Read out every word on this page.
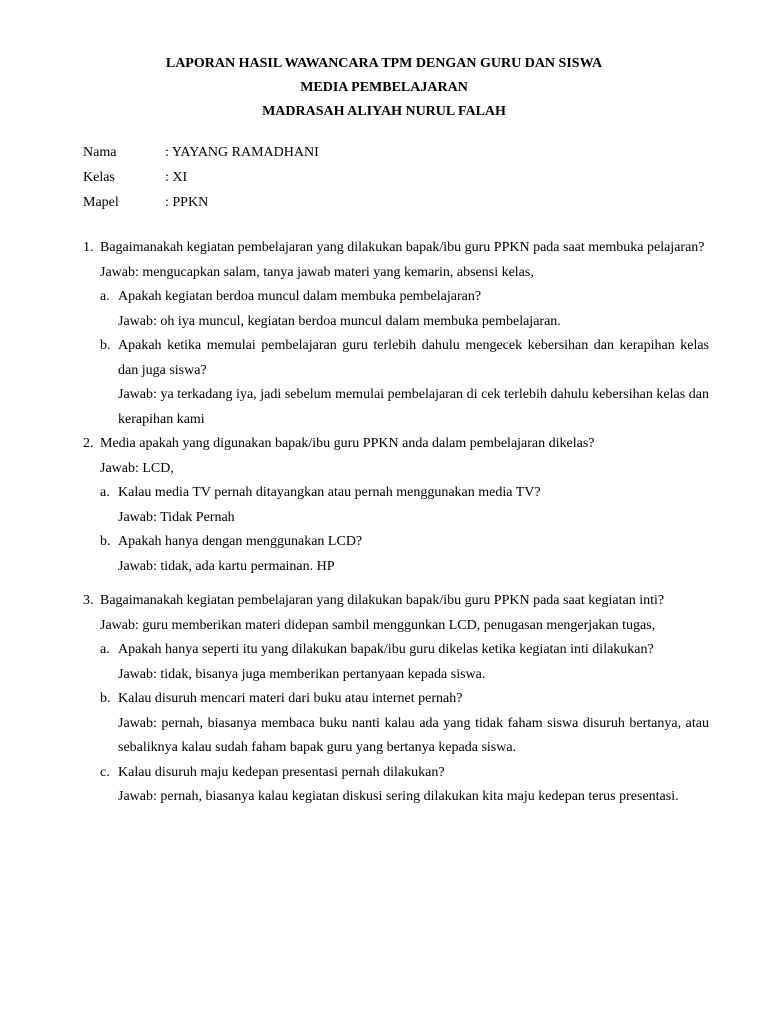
LAPORAN HASIL WAWANCARA TPM DENGAN GURU DAN SISWA
MEDIA PEMBELAJARAN
MADRASAH ALIYAH NURUL FALAH
Nama	: YAYANG RAMADHANI
Kelas	: XI
Mapel	: PPKN
1. Bagaimanakah kegiatan pembelajaran yang dilakukan bapak/ibu guru PPKN pada saat membuka pelajaran?
Jawab: mengucapkan salam, tanya jawab materi yang kemarin, absensi kelas,
a. Apakah kegiatan berdoa muncul dalam membuka pembelajaran?
Jawab: oh iya muncul, kegiatan berdoa muncul dalam membuka pembelajaran.
b. Apakah ketika memulai pembelajaran guru terlebih dahulu mengecek kebersihan dan kerapihan kelas dan juga siswa?
Jawab: ya terkadang iya, jadi sebelum memulai pembelajaran di cek terlebih dahulu kebersihan kelas dan kerapihan kami
2. Media apakah yang digunakan bapak/ibu guru PPKN anda dalam pembelajaran dikelas?
Jawab: LCD,
a. Kalau media TV pernah ditayangkan atau pernah menggunakan media TV?
Jawab: Tidak Pernah
b. Apakah hanya dengan menggunakan LCD?
Jawab: tidak, ada kartu permainan. HP
3. Bagaimanakah kegiatan pembelajaran yang dilakukan bapak/ibu guru PPKN pada saat kegiatan inti?
Jawab: guru memberikan materi didepan sambil menggunkan LCD, penugasan mengerjakan tugas,
a. Apakah hanya seperti itu yang dilakukan bapak/ibu guru dikelas ketika kegiatan inti dilakukan?
Jawab: tidak, bisanya juga memberikan pertanyaan kepada siswa.
b. Kalau disuruh mencari materi dari buku atau internet pernah?
Jawab: pernah, biasanya membaca buku nanti kalau ada yang tidak faham siswa disuruh bertanya, atau sebaliknya kalau sudah faham bapak guru yang bertanya kepada siswa.
c. Kalau disuruh maju kedepan presentasi pernah dilakukan?
Jawab: pernah, biasanya kalau kegiatan diskusi sering dilakukan kita maju kedepan terus presentasi.
